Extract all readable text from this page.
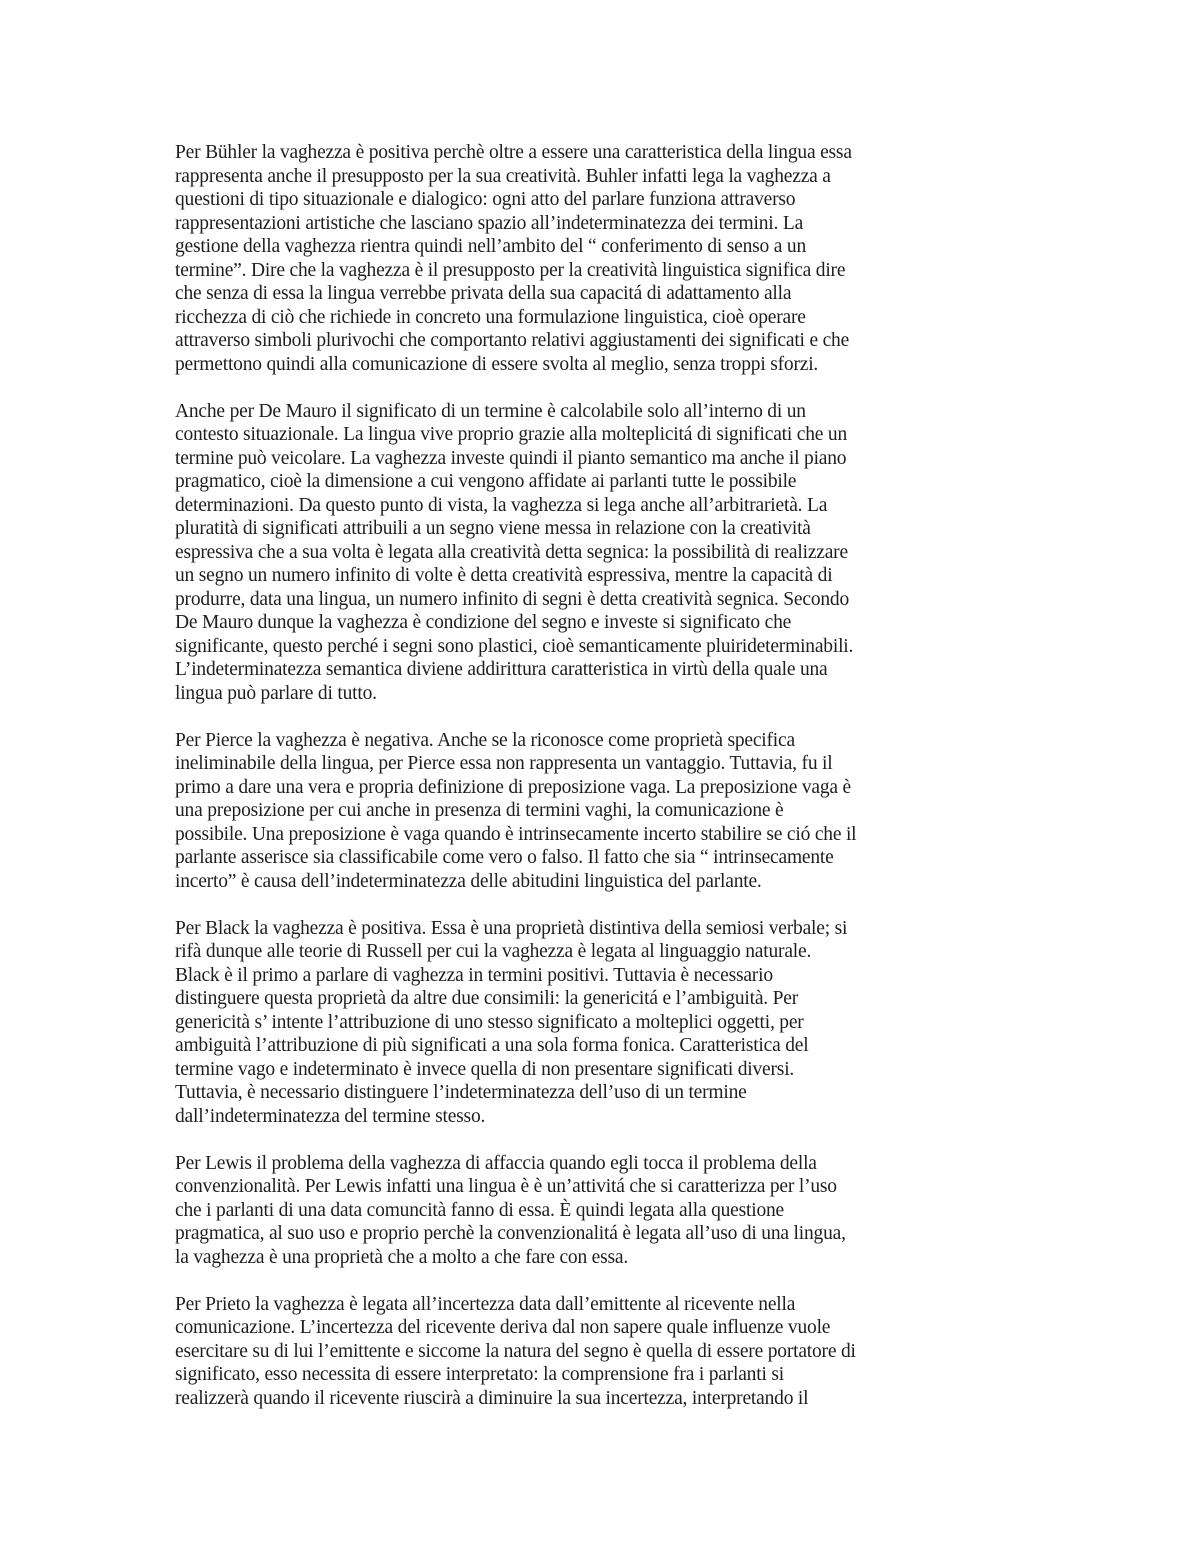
Per Bühler la vaghezza è positiva perchè oltre a essere una caratteristica della lingua essa
rappresenta anche il presupposto per la sua creatività. Buhler infatti lega la vaghezza a
questioni di tipo situazionale e dialogico: ogni atto del parlare funziona attraverso
rappresentazioni artistiche che lasciano spazio all’indeterminatezza dei termini. La
gestione della vaghezza rientra quindi nell’ambito del “ conferimento di senso a un
termine”. Dire che la vaghezza è il presupposto per la creatività linguistica significa dire
che senza di essa la lingua verrebbe privata della sua capacitá di adattamento alla
ricchezza di ciò che richiede in concreto una formulazione linguistica, cioè operare
attraverso simboli plurivochi che comportanto relativi aggiustamenti dei significati e che
permettono quindi alla comunicazione di essere svolta al meglio, senza troppi sforzi.
Anche per De Mauro il significato di un termine è calcolabile solo all’interno di un
contesto situazionale. La lingua vive proprio grazie alla molteplicitá di significati che un
termine può veicolare. La vaghezza investe quindi il pianto semantico ma anche il piano
pragmatico, cioè la dimensione a cui vengono affidate ai parlanti tutte le possibile
determinazioni. Da questo punto di vista, la vaghezza si lega anche all’arbitrarietà. La
pluratità di significati attribuili a un segno viene messa in relazione con la creatività
espressiva che a sua volta è legata alla creatività detta segnica: la possibilità di realizzare
un segno un numero infinito di volte è detta creatività espressiva, mentre la capacità di
produrre, data una lingua, un numero infinito di segni è detta creatività segnica. Secondo
De Mauro dunque la vaghezza è condizione del segno e investe si significato che
significante, questo perché i segni sono plastici, cioè semanticamente pluirideterminabili.
L’indeterminatezza semantica diviene addirittura caratteristica in virtù della quale una
lingua può parlare di tutto.
Per Pierce la vaghezza è negativa. Anche se la riconosce come proprietà specifica
ineliminabile della lingua, per Pierce essa non rappresenta un vantaggio. Tuttavia, fu il
primo a dare una vera e propria definizione di preposizione vaga. La preposizione vaga è
una preposizione per cui anche in presenza di termini vaghi, la comunicazione è
possibile. Una preposizione è vaga quando è intrinsecamente incerto stabilire se ció che il
parlante asserisce sia classificabile come vero o falso. Il fatto che sia “ intrinsecamente
incerto” è causa dell’indeterminatezza delle abitudini linguistica del parlante.
Per Black la vaghezza è positiva. Essa è una proprietà distintiva della semiosi verbale; si
rifà dunque alle teorie di Russell per cui la vaghezza è legata al linguaggio naturale.
Black è il primo a parlare di vaghezza in termini positivi. Tuttavia è necessario
distinguere questa proprietà da altre due consimili: la genericitá e l’ambiguità. Per
genericità s’ intente l’attribuzione di uno stesso significato a molteplici oggetti, per
ambiguità l’attribuzione di più significati a una sola forma fonica. Caratteristica del
termine vago e indeterminato è invece quella di non presentare significati diversi.
Tuttavia, è necessario distinguere l’indeterminatezza dell’uso di un termine
dall’indeterminatezza del termine stesso.
Per Lewis il problema della vaghezza di affaccia quando egli tocca il problema della
convenzionalità. Per Lewis infatti una lingua è è un’attivitá che si caratterizza per l’uso
che i parlanti di una data comuncità fanno di essa. È quindi legata alla questione
pragmatica, al suo uso e proprio perchè la convenzionalitá è legata all’uso di una lingua,
la vaghezza è una proprietà che a molto a che fare con essa.
Per Prieto la vaghezza è legata all’incertezza data dall’emittente al ricevente nella
comunicazione. L’incertezza del ricevente deriva dal non sapere quale influenze vuole
esercitare su di lui l’emittente e siccome la natura del segno è quella di essere portatore di
significato, esso necessita di essere interpretato: la comprensione fra i parlanti si
realizzerà quando il ricevente riuscirà a diminuire la sua incertezza, interpretando il
